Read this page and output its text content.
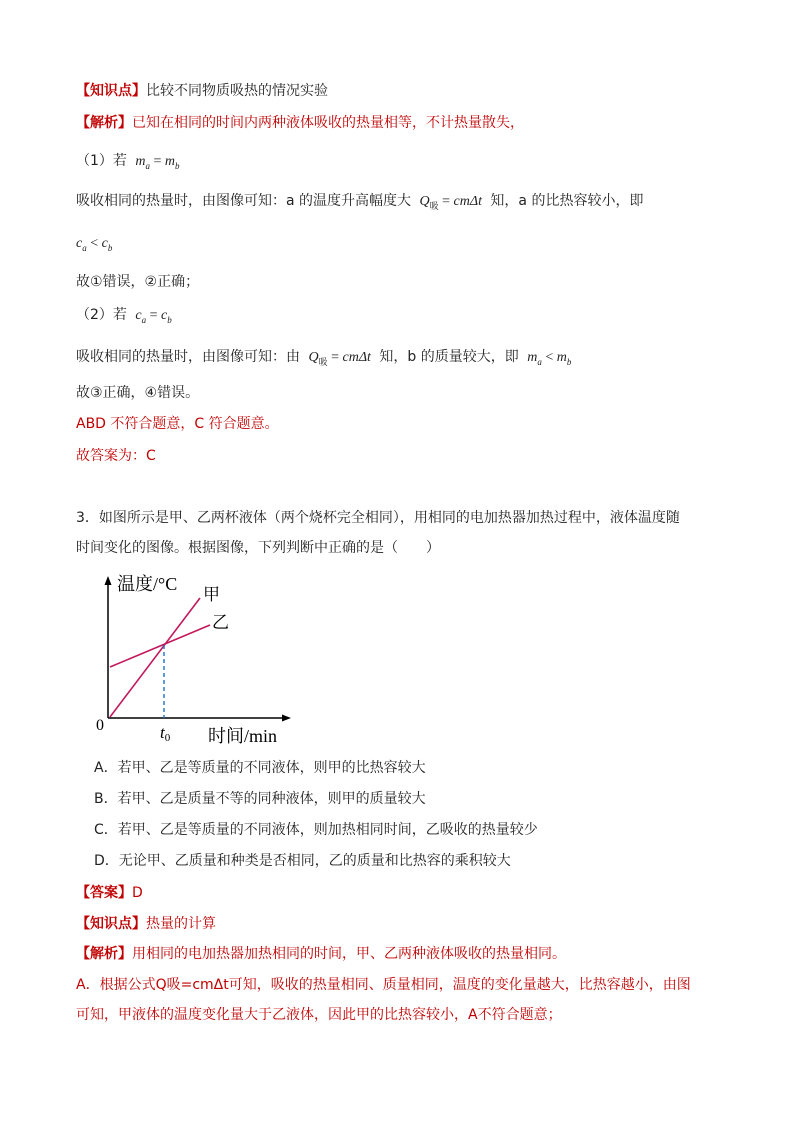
【知识点】比较不同物质吸热的情况实验
【解析】已知在相同的时间内两种液体吸收的热量相等，不计热量散失，
（1）若 $m_a = m_b$
吸收相同的热量时，由图像可知：a 的温度升高幅度大 $Q_吸 = cm\Delta t$ 知，a 的比热容较小，即
$c_a < c_b$
故①错误，②正确；
（2）若 $c_a = c_b$
吸收相同的热量时，由图像可知：由 $Q_吸 = cm\Delta t$ 知，b 的质量较大，即 $m_a < m_b$
故③正确，④错误。
ABD 不符合题意，C 符合题意。
故答案为：C
3．如图所示是甲、乙两杯液体（两个烧杯完全相同），用相同的电加热器加热过程中，液体温度随
时间变化的图像。根据图像，下列判断中正确的是（　　）
温度/°C
时间/min
0	t0
甲
乙
A．若甲、乙是等质量的不同液体，则甲的比热容较大
B．若甲、乙是质量不等的同种液体，则甲的质量较大
C．若甲、乙是等质量的不同液体，则加热相同时间，乙吸收的热量较少
D．无论甲、乙质量和种类是否相同，乙的质量和比热容的乘积较大
【答案】D
【知识点】热量的计算
【解析】用相同的电加热器加热相同的时间，甲、乙两种液体吸收的热量相同。
A．根据公式Q吸=cmΔt可知，吸收的热量相同、质量相同，温度的变化量越大，比热容越小，由图
可知，甲液体的温度变化量大于乙液体，因此甲的比热容较小，A不符合题意；
